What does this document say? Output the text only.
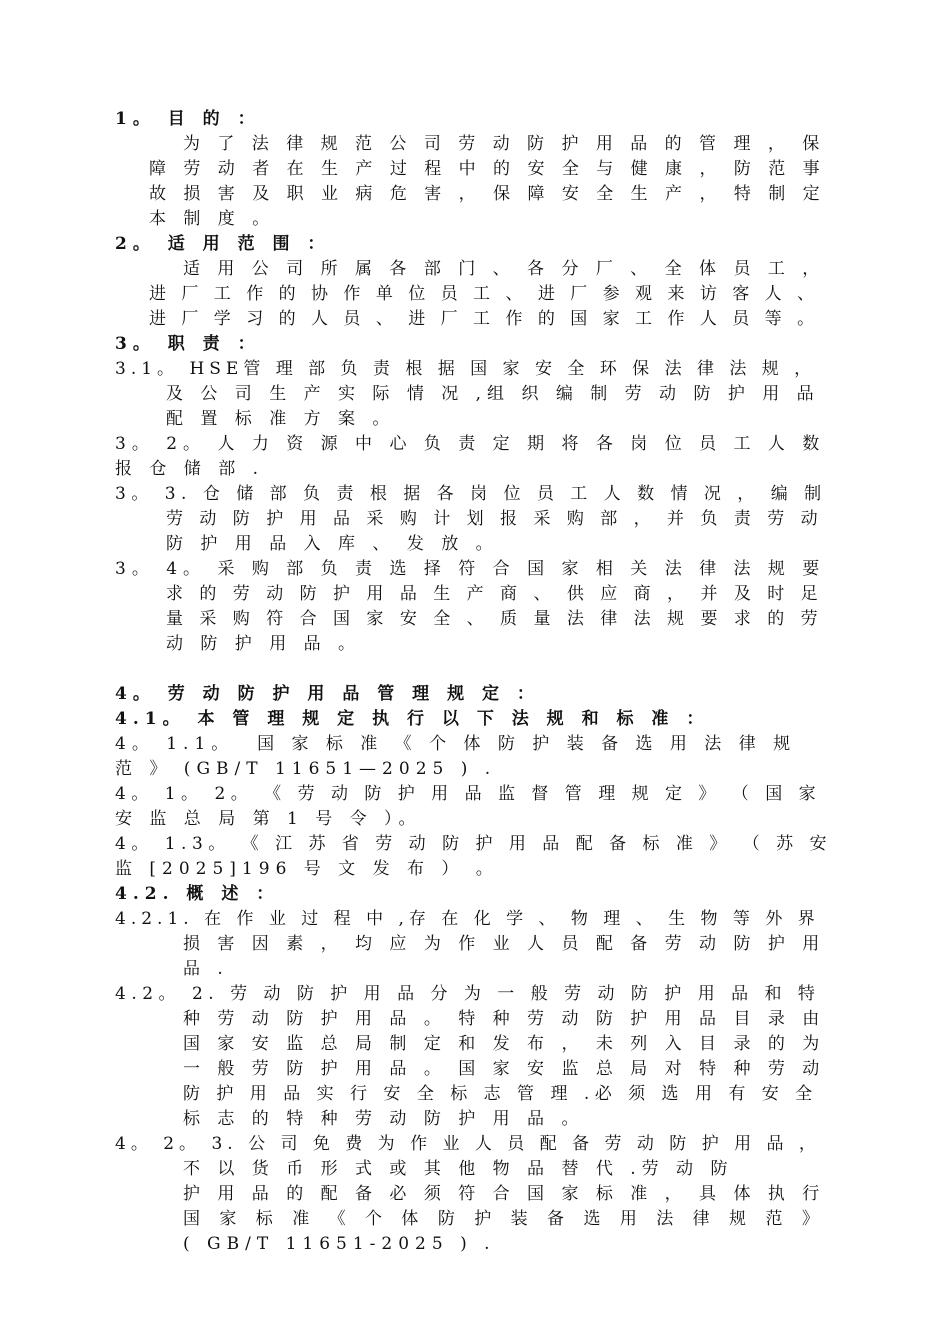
1。 目 的 ：
为 了 法 律 规 范 公 司 劳 动 防 护 用 品 的 管 理 ， 保
障 劳 动 者 在 生 产 过 程 中 的 安 全 与 健 康 ， 防 范 事
故 损 害 及 职 业 病 危 害 ， 保 障 安 全 生 产 ， 特 制 定
本 制 度 。
2。 适 用 范 围 ：
适 用 公 司 所 属 各 部 门 、 各 分 厂 、 全 体 员 工 ，
进 厂 工 作 的 协 作 单 位 员 工 、 进 厂 参 观 来 访 客 人 、
进 厂 学 习 的 人 员 、 进 厂 工 作 的 国 家 工 作 人 员 等 。
3。 职 责 ：
3.1。 HSE管 理 部 负 责 根 据 国 家 安 全 环 保 法 律 法 规 ，
及 公 司 生 产 实 际 情 况 ,组 织 编 制 劳 动 防 护 用 品
配 置 标 准 方 案 。
3。 2。 人 力 资 源 中 心 负 责 定 期 将 各 岗 位 员 工 人 数
报 仓 储 部 .
3。 3. 仓 储 部 负 责 根 据 各 岗 位 员 工 人 数 情 况 ， 编 制
劳 动 防 护 用 品 采 购 计 划 报 采 购 部 ， 并 负 责 劳 动
防 护 用 品 入 库 、 发 放 。
3。 4。 采 购 部 负 责 选 择 符 合 国 家 相 关 法 律 法 规 要
求 的 劳 动 防 护 用 品 生 产 商 、 供 应 商 ， 并 及 时 足
量 采 购 符 合 国 家 安 全 、 质 量 法 律 法 规 要 求 的 劳
动 防 护 用 品 。
4。 劳 动 防 护 用 品 管 理 规 定 ：
4.1。 本 管 理 规 定 执 行 以 下 法 规 和 标 准 ：
4。 1.1。  国 家 标 准 《 个 体 防 护 装 备 选 用 法 律 规
范 》 (GB/T 11651—2025 ) .
4。 1。 2。 《 劳 动 防 护 用 品 监 督 管 理 规 定 》 （ 国 家
安 监 总 局 第 1 号 令 ）。
4。 1.3。 《 江 苏 省 劳 动 防 护 用 品 配 备 标 准 》 （ 苏 安
监 [2025]196 号 文 发 布 ） 。
4.2. 概 述 ：
4.2.1. 在 作 业 过 程 中 ,存 在 化 学 、 物 理 、 生 物 等 外 界
损 害 因 素 ， 均 应 为 作 业 人 员 配 备 劳 动 防 护 用
品 .
4.2。 2. 劳 动 防 护 用 品 分 为 一 般 劳 动 防 护 用 品 和 特
种 劳 动 防 护 用 品 。 特 种 劳 动 防 护 用 品 目 录 由
国 家 安 监 总 局 制 定 和 发 布 ， 未 列 入 目 录 的 为
一 般 劳 防 护 用 品 。 国 家 安 监 总 局 对 特 种 劳 动
防 护 用 品 实 行 安 全 标 志 管 理 .必 须 选 用 有 安 全
标 志 的 特 种 劳 动 防 护 用 品 。
4。 2。 3. 公 司 免 费 为 作 业 人 员 配 备 劳 动 防 护 用 品 ，
不 以 货 币 形 式 或 其 他 物 品 替 代 .劳 动 防
护 用 品 的 配 备 必 须 符 合 国 家 标 准 ， 具 体 执 行
国 家 标 准 《 个 体 防 护 装 备 选 用 法 律 规 范 》
( GB/T 11651-2025 ) .
